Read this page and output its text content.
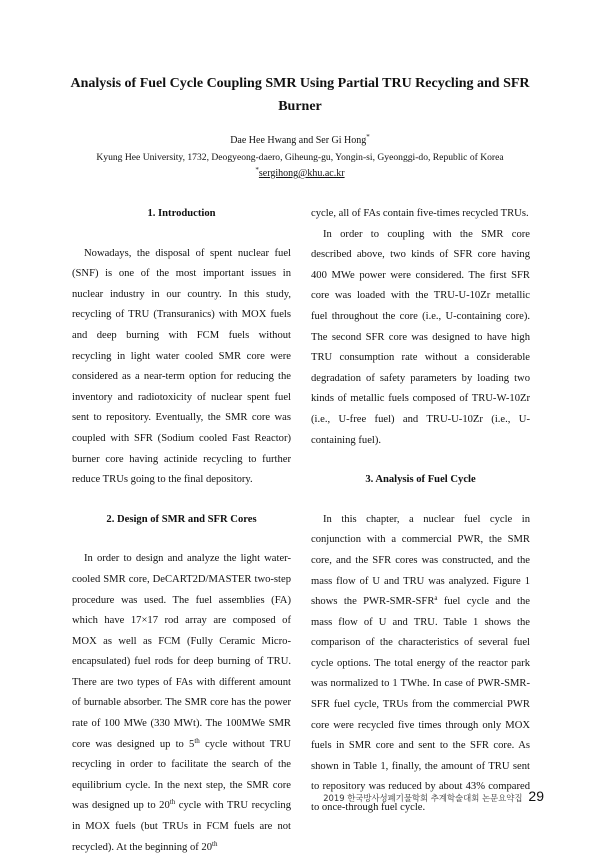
Analysis of Fuel Cycle Coupling SMR Using Partial TRU Recycling and SFR Burner
Dae Hee Hwang and Ser Gi Hong*
Kyung Hee University, 1732, Deogyeong-daero, Giheung-gu, Yongin-si, Gyeonggi-do, Republic of Korea
*sergihong@khu.ac.kr
1. Introduction

Nowadays, the disposal of spent nuclear fuel (SNF) is one of the most important issues in nuclear industry in our country. In this study, recycling of TRU (Transuranics) with MOX fuels and deep burning with FCM fuels without recycling in light water cooled SMR core were considered as a near-term option for reducing the inventory and radiotoxicity of nuclear spent fuel sent to repository. Eventually, the SMR core was coupled with SFR (Sodium cooled Fast Reactor) burner core having actinide recycling to further reduce TRUs going to the final depository.

2. Design of SMR and SFR Cores

In order to design and analyze the light water-cooled SMR core, DeCART2D/MASTER two-step procedure was used. The fuel assemblies (FA) which have 17×17 rod array are composed of MOX as well as FCM (Fully Ceramic Micro-encapsulated) fuel rods for deep burning of TRU. There are two types of FAs with different amount of burnable absorber. The SMR core has the power rate of 100 MWe (330 MWt). The 100MWe SMR core was designed up to 5th cycle without TRU recycling in order to facilitate the search of the equilibrium cycle. In the next step, the SMR core was designed up to 20th cycle with TRU recycling in MOX fuels (but TRUs in FCM fuels are not recycled). At the beginning of 20th

cycle, all of FAs contain five-times recycled TRUs.

In order to coupling with the SMR core described above, two kinds of SFR core having 400 MWe power were considered. The first SFR core was loaded with the TRU-U-10Zr metallic fuel throughout the core (i.e., U-containing core). The second SFR core was designed to have high TRU consumption rate without a considerable degradation of safety parameters by loading two kinds of metallic fuels composed of TRU-W-10Zr (i.e., U-free fuel) and TRU-U-10Zr (i.e., U-containing fuel).

3. Analysis of Fuel Cycle

In this chapter, a nuclear fuel cycle in conjunction with a commercial PWR, the SMR core, and the SFR cores was constructed, and the mass flow of U and TRU was analyzed. Figure 1 shows the PWR-SMR-SFR$^a$ fuel cycle and the mass flow of U and TRU. Table 1 shows the comparison of the characteristics of several fuel cycle options. The total energy of the reactor park was normalized to 1 TWhe. In case of PWR-SMR-SFR fuel cycle, TRUs from the commercial PWR core were recycled five times through only MOX fuels in SMR core and sent to the SFR core. As shown in Table 1, finally, the amount of TRU sent to repository was reduced by about 43% compared to once-through fuel cycle.

2019 한국방사성폐기물학회 추계학술대회 논문요약집 29
